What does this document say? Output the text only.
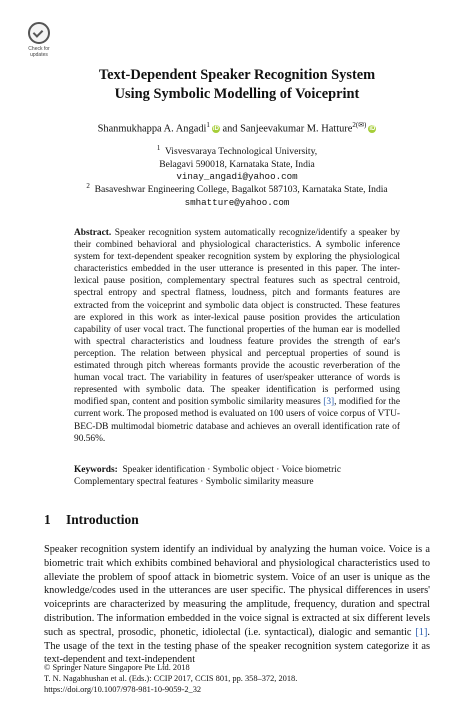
Check for
updates
Text-Dependent Speaker Recognition System
Using Symbolic Modelling of Voiceprint
Shanmukhappa A. Angadi$^1$iD and Sanjeevakumar M. Hatture$^{2(✉)}$iD
$^1$ Visvesvaraya Technological University,
Belagavi 590018, Karnataka State, India
vinay_angadi@yahoo.com
$^2$ Basaveshwar Engineering College, Bagalkot 587103, Karnataka State, India
smhatture@yahoo.com
Abstract. Speaker recognition system automatically recognize/identify a speaker by their combined behavioral and physiological characteristics. A symbolic inference system for text-dependent speaker recognition system by exploring the physiological characteristics embedded in the user utterance is presented in this paper. The inter-lexical pause position, complementary spectral features such as spectral centroid, spectral entropy and spectral flatness, loudness, pitch and formants features are extracted from the voiceprint and symbolic data object is constructed. These features are explored in this work as inter-lexical pause position provides the articulation capability of user vocal tract. The functional properties of the human ear is modelled with spectral characteristics and loudness feature provides the strength of ear's perception. The relation between physical and perceptual properties of sound is estimated through pitch whereas formants provide the acoustic reverberation of the human vocal tract. The variability in features of user/speaker utterance of words is represented with symbolic data. The speaker identification is performed using modified span, content and position symbolic similarity measures [3], modified for the current work. The proposed method is evaluated on 100 users of voice corpus of VTU-BEC-DB multimodal biometric database and achieves an overall identification rate of 90.56%.
Keywords: Speaker identification · Symbolic object · Voice biometric
Complementary spectral features · Symbolic similarity measure
1 Introduction
Speaker recognition system identify an individual by analyzing the human voice. Voice is a biometric trait which exhibits combined behavioral and physiological characteristics used to alleviate the problem of spoof attack in biometric system. Voice of an user is unique as the knowledge/codes used in the utterances are user specific. The physical differences in users' voiceprints are characterized by measuring the amplitude, frequency, duration and spectral distribution. The information embedded in the voice signal is extracted at six different levels such as spectral, prosodic, phonetic, idiolectal (i.e. syntactical), dialogic and semantic [1]. The usage of the text in the testing phase of the speaker recognition system categorize it as text-dependent and text-independent
© Springer Nature Singapore Pte Ltd. 2018
T. N. Nagabhushan et al. (Eds.): CCIP 2017, CCIS 801, pp. 358–372, 2018.
https://doi.org/10.1007/978-981-10-9059-2_32
